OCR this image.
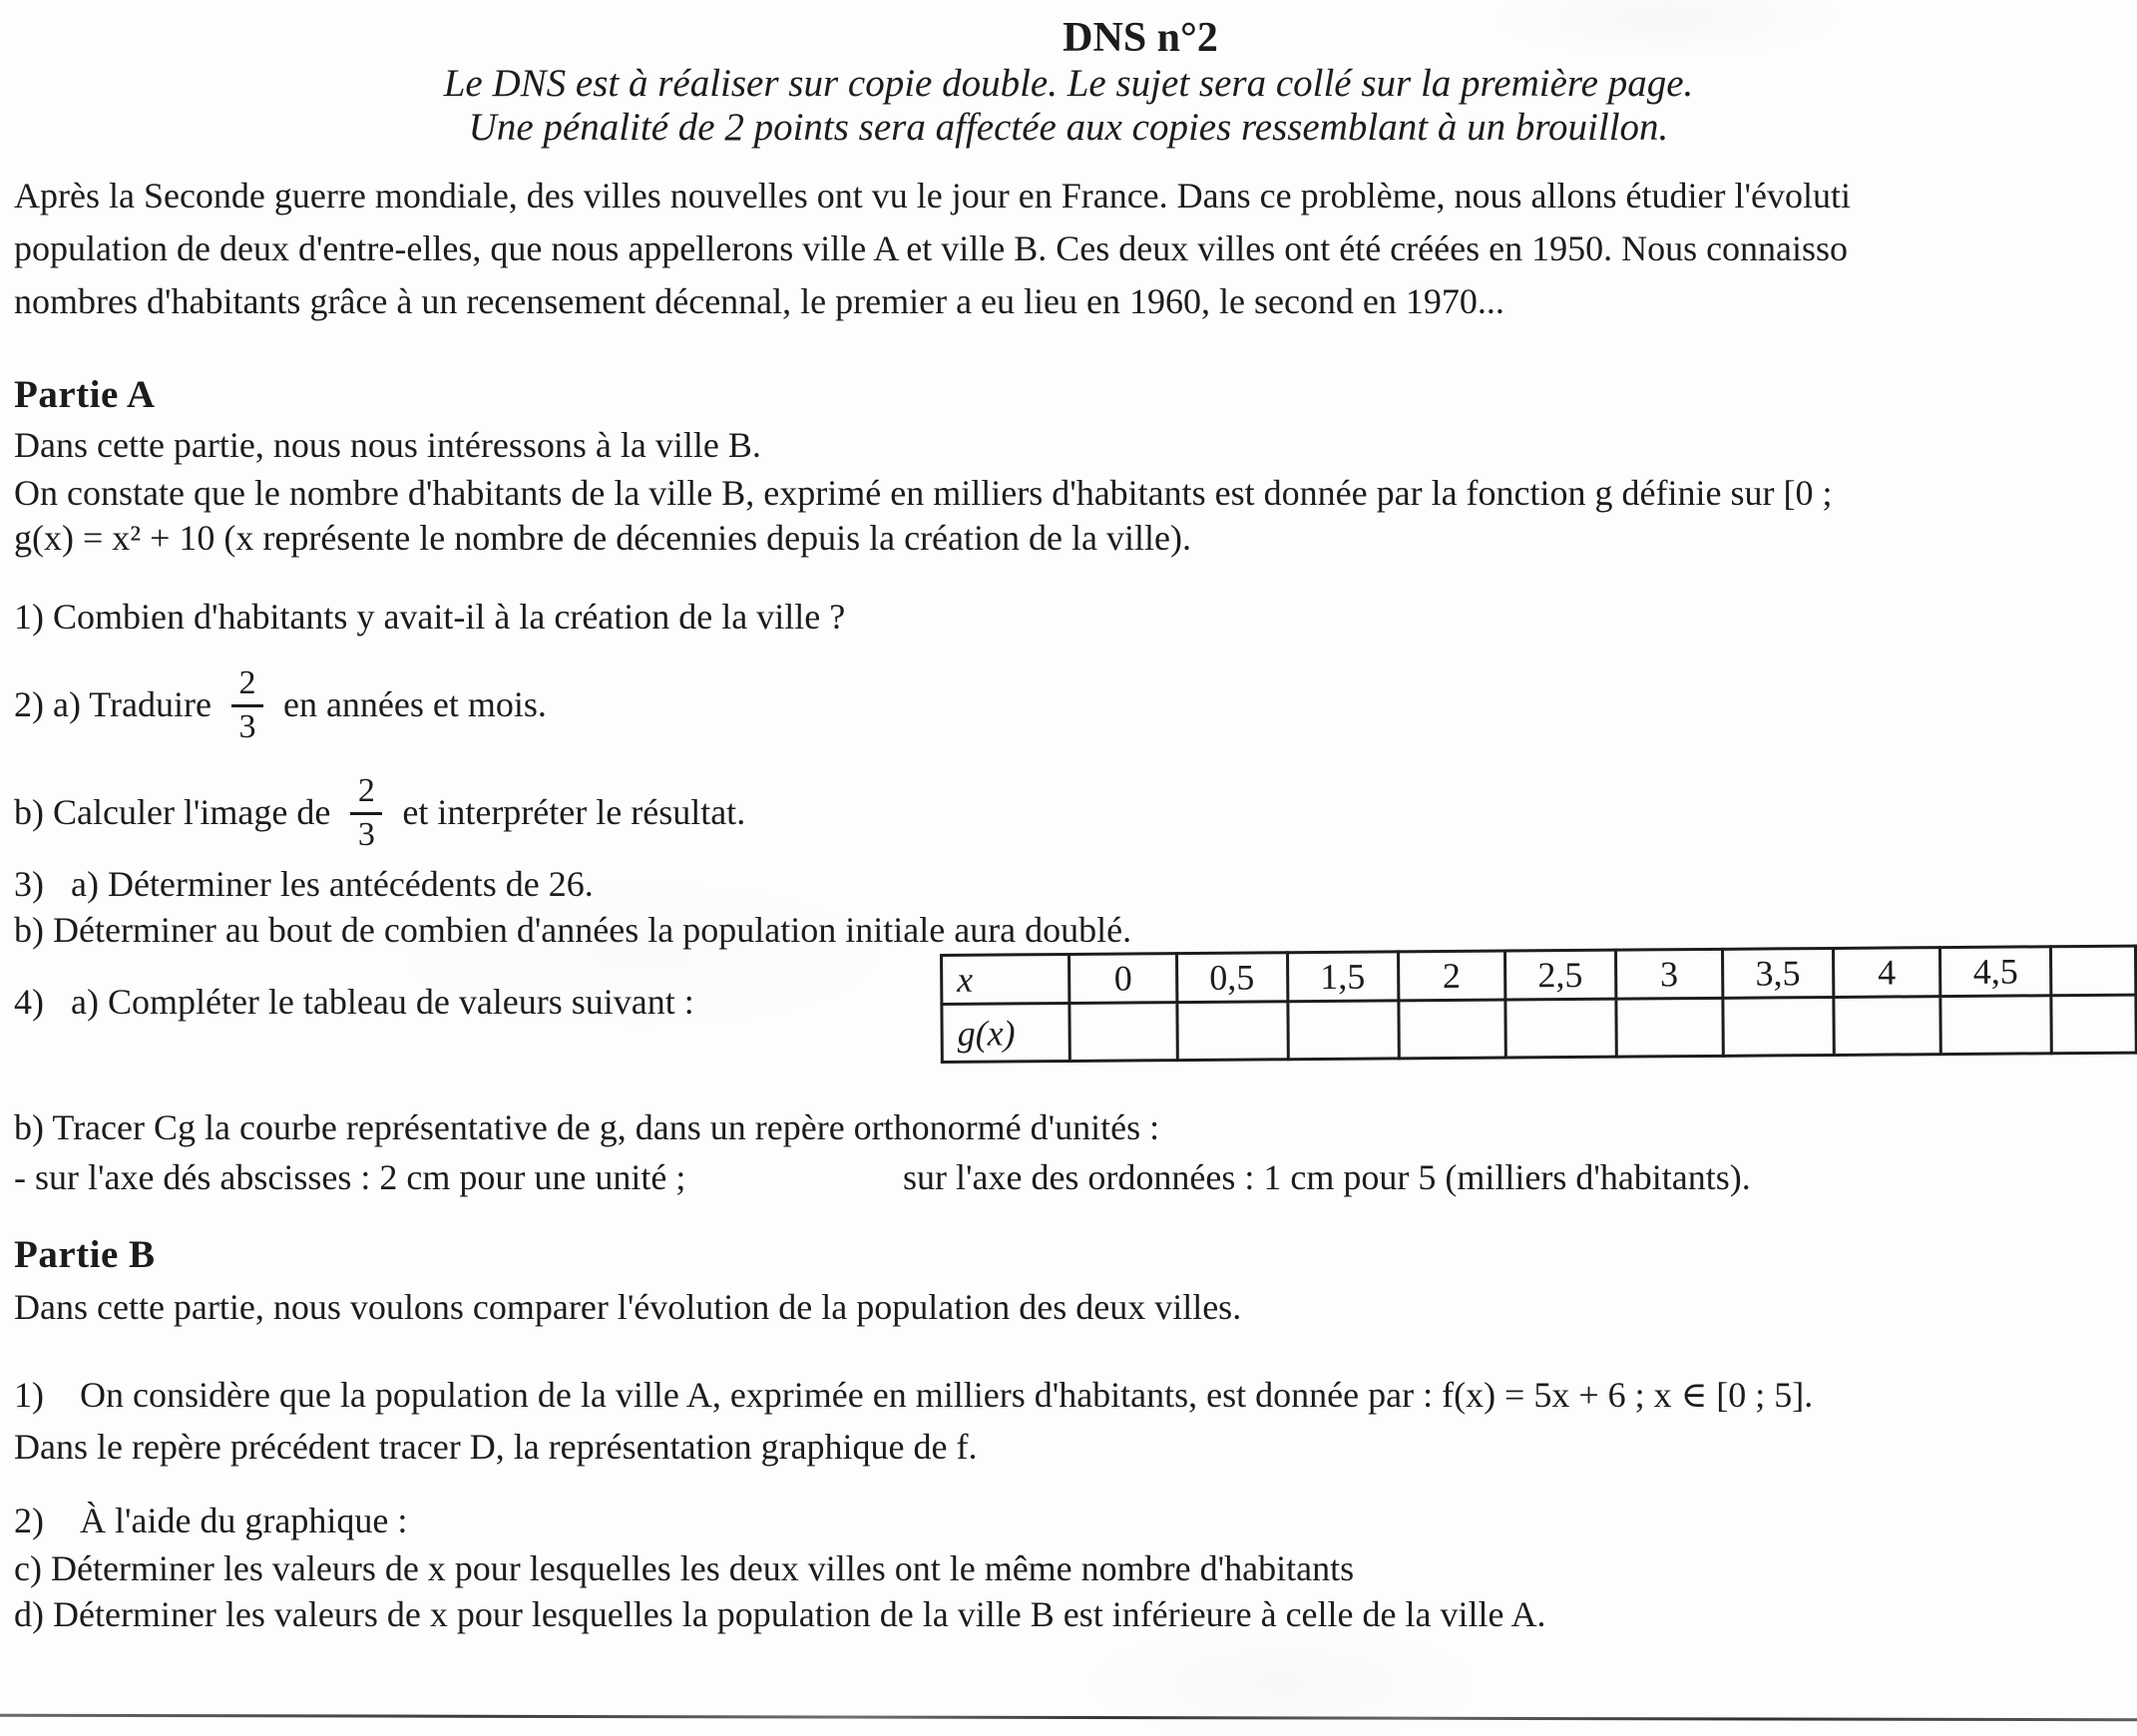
DNS n°2
Le DNS est à réaliser sur copie double. Le sujet sera collé sur la première page.
Une pénalité de 2 points sera affectée aux copies ressemblant à un brouillon.
Après la Seconde guerre mondiale, des villes nouvelles ont vu le jour en France. Dans ce problème, nous allons étudier l'évoluti
population de deux d'entre-elles, que nous appellerons ville A et ville B. Ces deux villes ont été créées en 1950. Nous connaisso
nombres d'habitants grâce à un recensement décennal, le premier a eu lieu en 1960, le second en 1970...
Partie A
Dans cette partie, nous nous intéressons à la ville B.
On constate que le nombre d'habitants de la ville B, exprimé en milliers d'habitants est donnée par la fonction g définie sur [0 ;
g(x) = x² + 10 (x représente le nombre de décennies depuis la création de la ville).
1) Combien d'habitants y avait-il à la création de la ville ?
2) a) Traduire $\frac{2}{3}$ en années et mois.
b) Calculer l'image de $\frac{2}{3}$ et interpréter le résultat.
3)   a) Déterminer les antécédents de 26.
b) Déterminer au bout de combien d'années la population initiale aura doublé.
4)   a) Compléter le tableau de valeurs suivant :
x	0	0,5	1,5	2	2,5	3	3,5	4	4,5	
g(x)										
b) Tracer Cg la courbe représentative de g, dans un repère orthonormé d'unités :
- sur l'axe dés abscisses : 2 cm pour une unité ;	sur l'axe des ordonnées : 1 cm pour 5 (milliers d'habitants).
Partie B
Dans cette partie, nous voulons comparer l'évolution de la population des deux villes.
1)    On considère que la population de la ville A, exprimée en milliers d'habitants, est donnée par : f(x) = 5x + 6 ; x ∈ [0 ; 5].
Dans le repère précédent tracer D, la représentation graphique de f.
2)    À l'aide du graphique :
c) Déterminer les valeurs de x pour lesquelles les deux villes ont le même nombre d'habitants
d) Déterminer les valeurs de x pour lesquelles la population de la ville B est inférieure à celle de la ville A.
